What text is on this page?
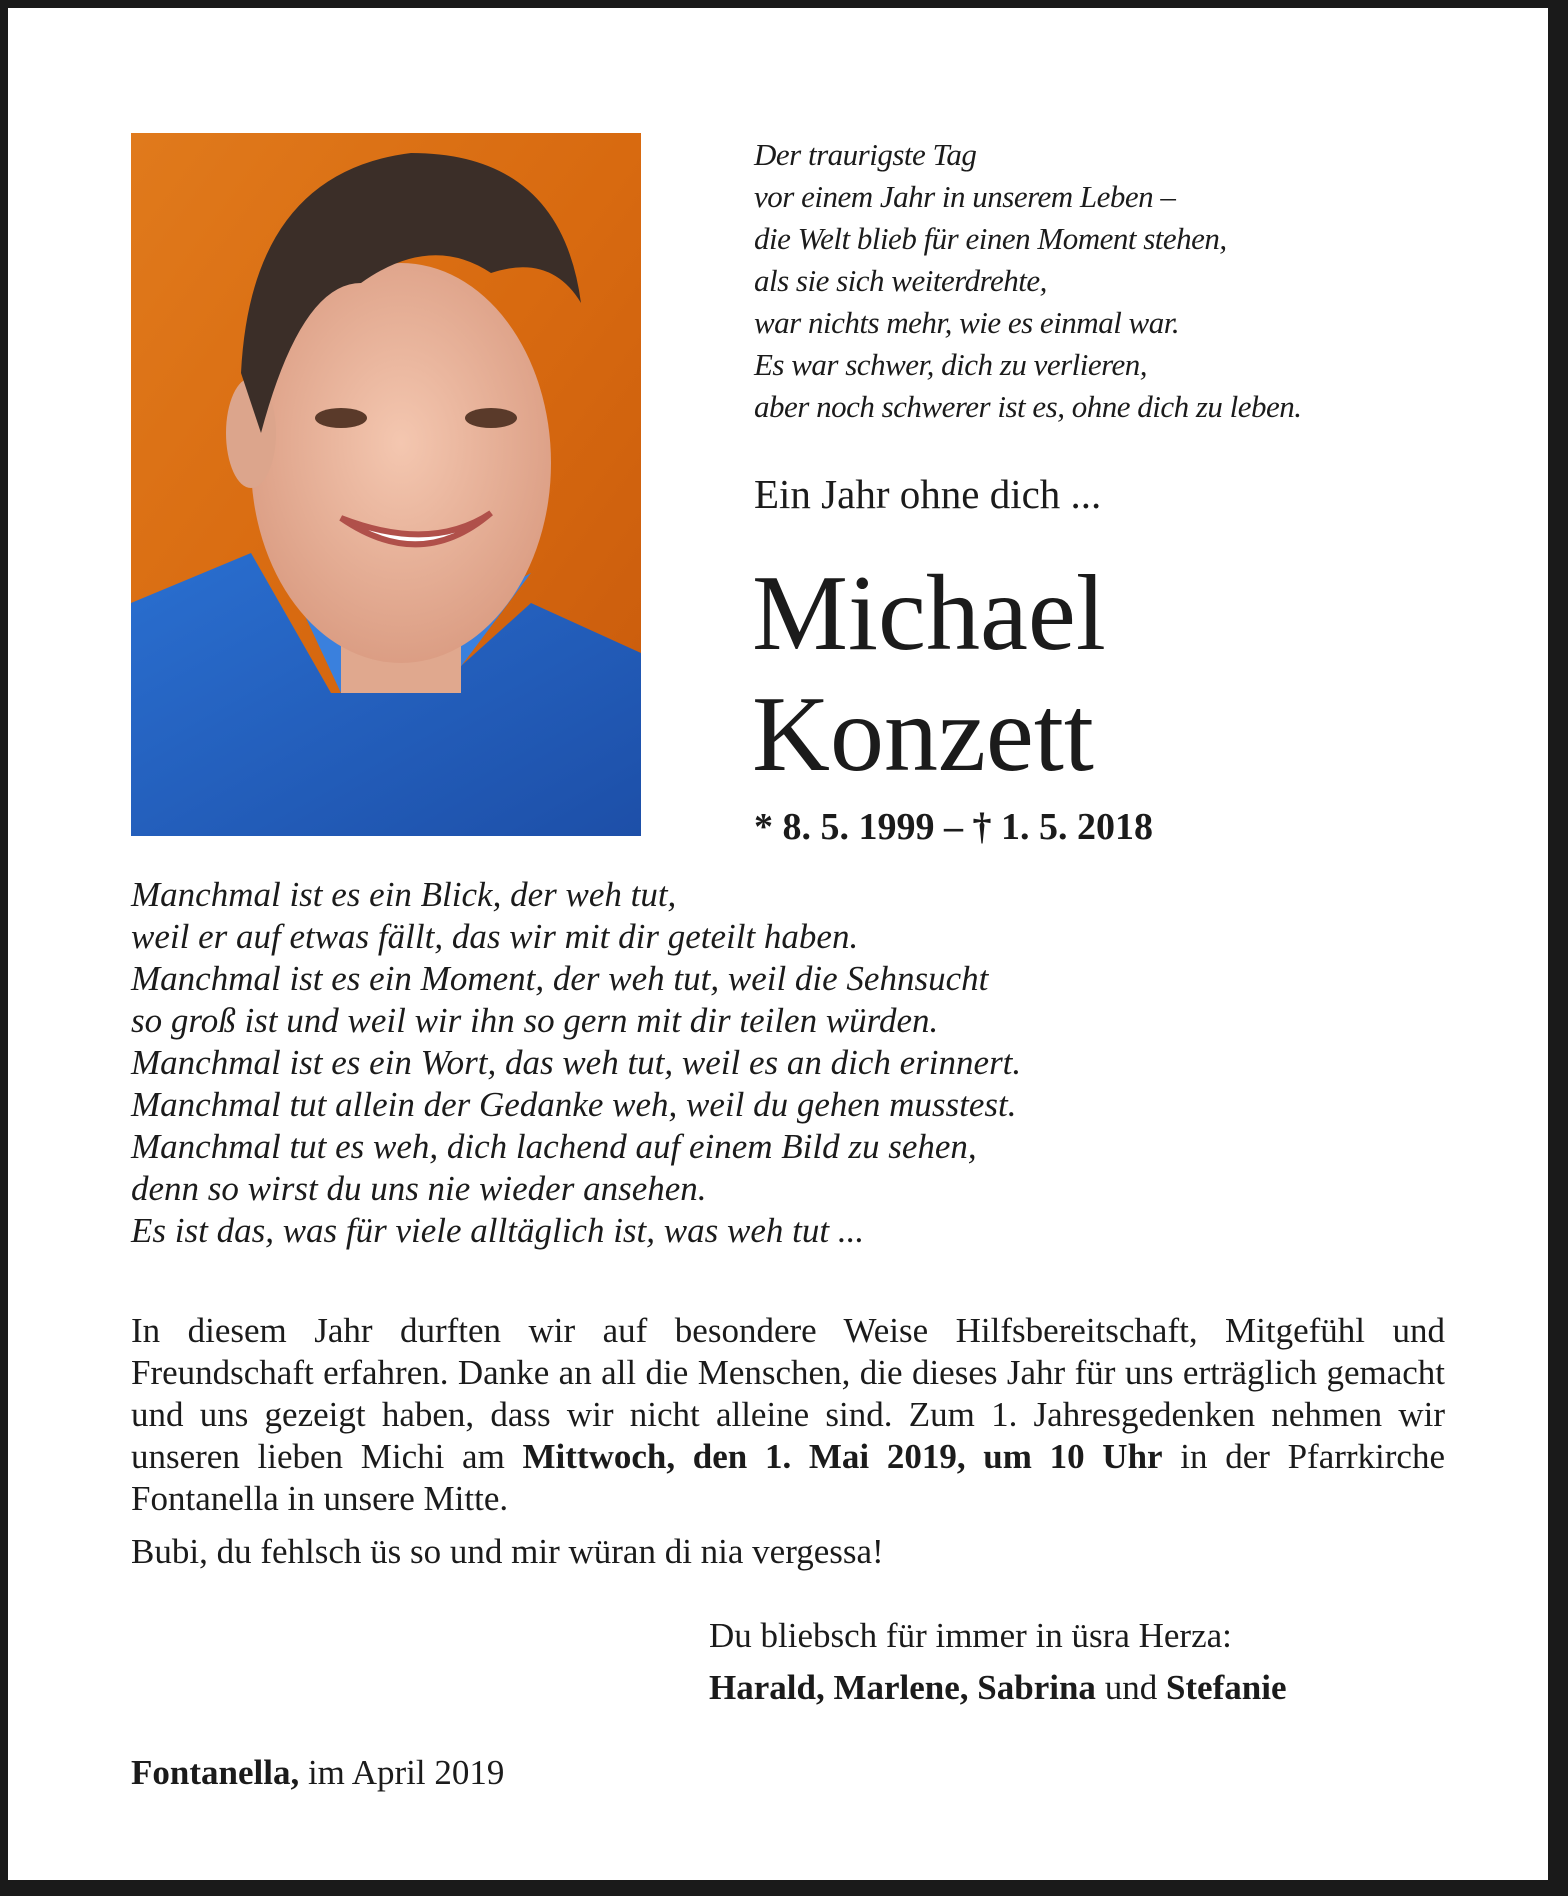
Der traurigste Tag
vor einem Jahr in unserem Leben –
die Welt blieb für einen Moment stehen,
als sie sich weiterdrehte,
war nichts mehr, wie es einmal war.
Es war schwer, dich zu verlieren,
aber noch schwerer ist es, ohne dich zu leben.
Ein Jahr ohne dich ...
Michael
Konzett
* 8. 5. 1999 – † 1. 5. 2018
Manchmal ist es ein Blick, der weh tut,
weil er auf etwas fällt, das wir mit dir geteilt haben.
Manchmal ist es ein Moment, der weh tut, weil die Sehnsucht
so groß ist und weil wir ihn so gern mit dir teilen würden.
Manchmal ist es ein Wort, das weh tut, weil es an dich erinnert.
Manchmal tut allein der Gedanke weh, weil du gehen musstest.
Manchmal tut es weh, dich lachend auf einem Bild zu sehen,
denn so wirst du uns nie wieder ansehen.
Es ist das, was für viele alltäglich ist, was weh tut ...
In diesem Jahr durften wir auf besondere Weise Hilfsbereitschaft, Mitgefühl und Freundschaft erfahren. Danke an all die Menschen, die dieses Jahr für uns erträglich gemacht und uns gezeigt haben, dass wir nicht alleine sind. Zum 1. Jahresgedenken nehmen wir unseren lieben Michi am Mittwoch, den 1. Mai 2019, um 10 Uhr in der Pfarrkirche Fontanella in unsere Mitte.
Bubi, du fehlsch üs so und mir würan di nia vergessa!
Du bliebsch für immer in üsra Herza:
Harald, Marlene, Sabrina und Stefanie
Fontanella, im April 2019
